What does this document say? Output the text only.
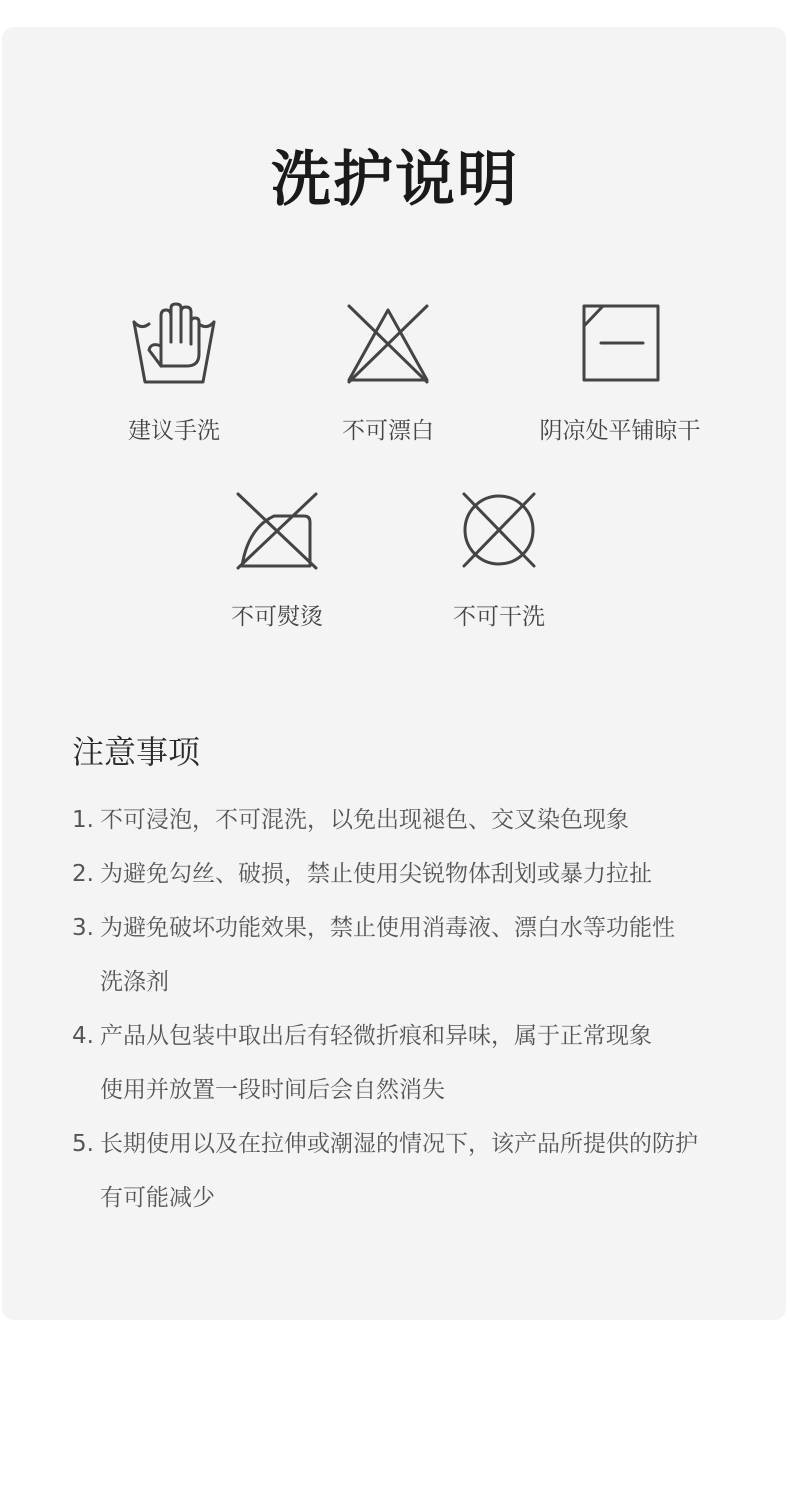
洗护说明
建议手洗	不可漂白	阴凉处平铺晾干
不可熨烫	不可干洗
注意事项
1. 不可浸泡，不可混洗，以免出现褪色、交叉染色现象
2. 为避免勾丝、破损，禁止使用尖锐物体刮划或暴力拉扯
3. 为避免破坏功能效果，禁止使用消毒液、漂白水等功能性
洗涤剂
4. 产品从包装中取出后有轻微折痕和异味，属于正常现象
使用并放置一段时间后会自然消失
5. 长期使用以及在拉伸或潮湿的情况下，该产品所提供的防护
有可能减少
